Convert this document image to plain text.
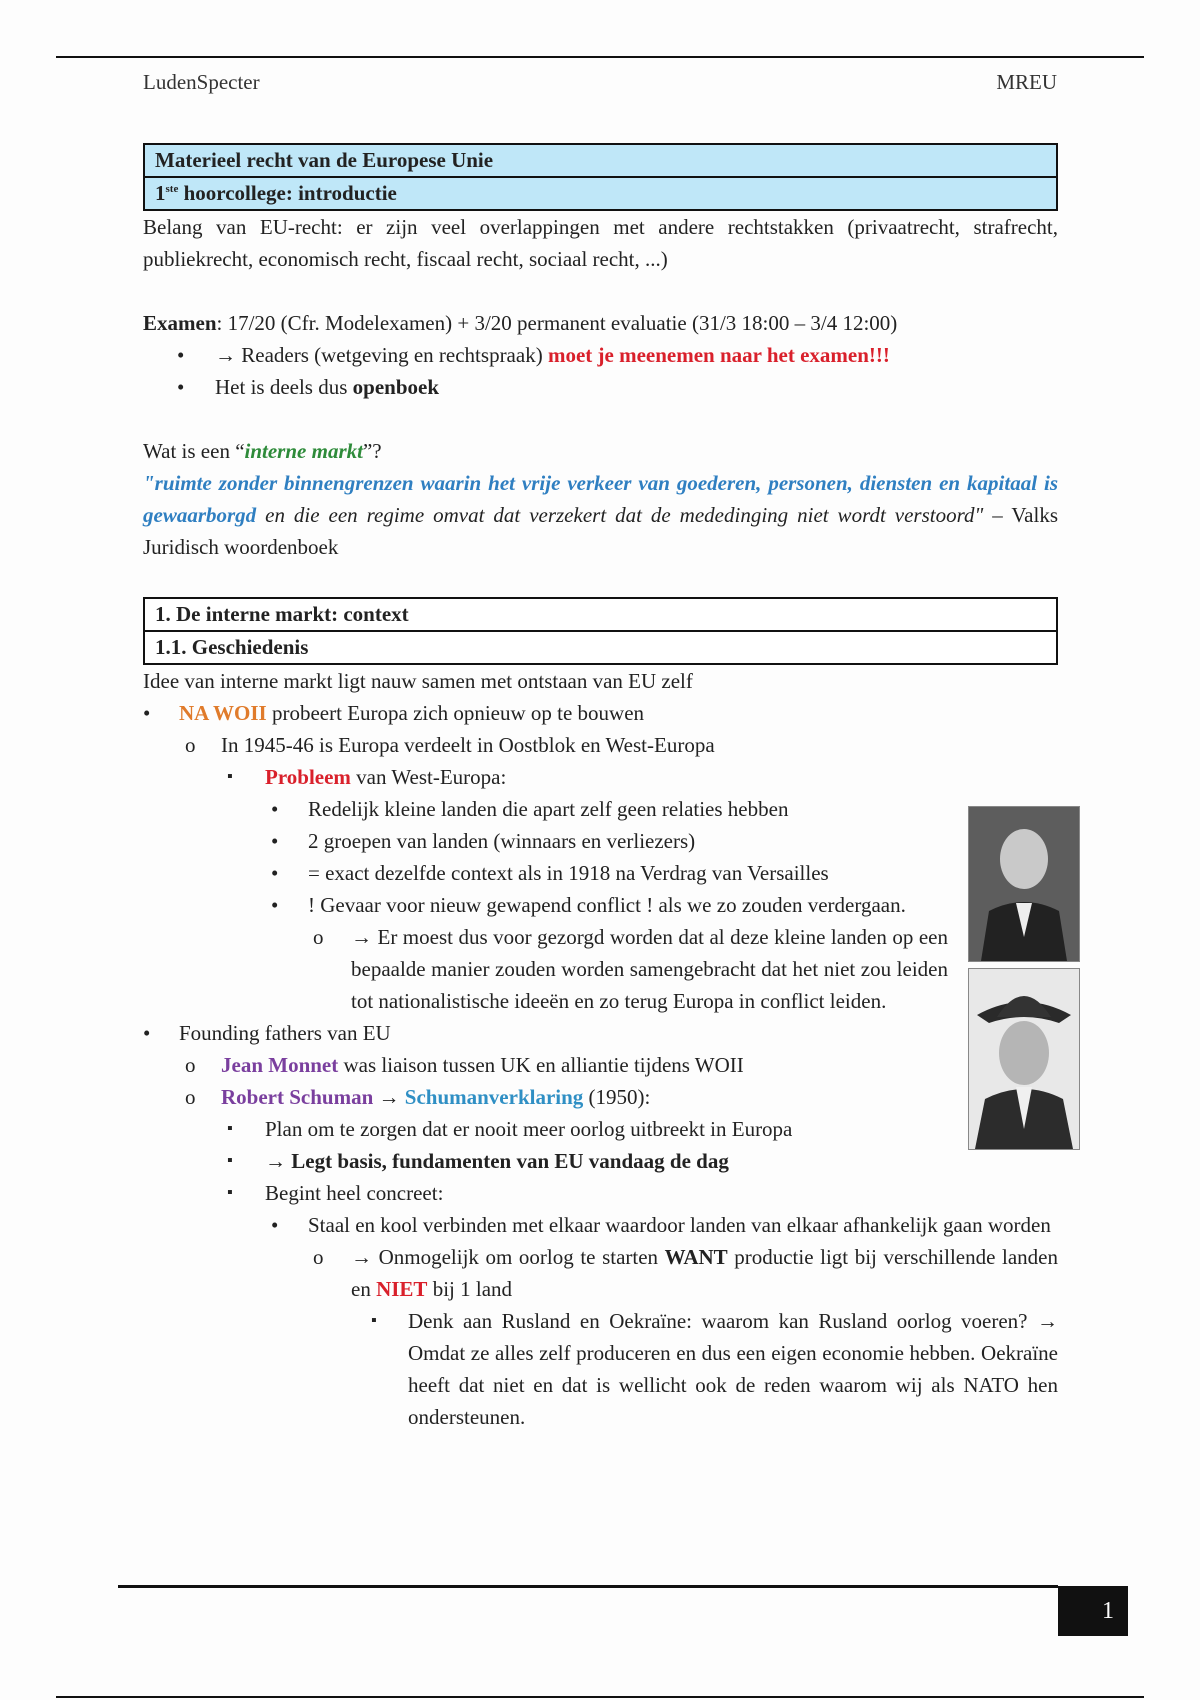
LudenSpecter	MREU
Materieel recht van de Europese Unie
1ste hoorcollege: introductie

Belang van EU-recht: er zijn veel overlappingen met andere rechtstakken (privaatrecht, strafrecht, publiekrecht, economisch recht, fiscaal recht, sociaal recht, ...)

Examen: 17/20 (Cfr. Modelexamen) + 3/20 permanent evaluatie (31/3 18:00 – 3/4 12:00)

• → Readers (wetgeving en rechtspraak) moet je meenemen naar het examen!!!
• Het is deels dus openboek

Wat is een “interne markt”?

"ruimte zonder binnengrenzen waarin het vrije verkeer van goederen, personen, diensten en kapitaal is gewaarborgd en die een regime omvat dat verzekert dat de mededinging niet wordt verstoord" – Valks Juridisch woordenboek

1. De interne markt: context
1.1. Geschiedenis

Idee van interne markt ligt nauw samen met ontstaan van EU zelf

• NA WOII probeert Europa zich opnieuw op te bouwen
o In 1945-46 is Europa verdeelt in Oostblok en West-Europa
▪ Probleem van West-Europa:
• Redelijk kleine landen die apart zelf geen relaties hebben
• 2 groepen van landen (winnaars en verliezers)
• = exact dezelfde context als in 1918 na Verdrag van Versailles
• ! Gevaar voor nieuw gewapend conflict ! als we zo zouden verdergaan.
o → Er moest dus voor gezorgd worden dat al deze kleine landen op een bepaalde manier zouden worden samengebracht dat het niet zou leiden tot nationalistische ideeën en zo terug Europa in conflict leiden.
• Founding fathers van EU
o Jean Monnet was liaison tussen UK en alliantie tijdens WOII
o Robert Schuman → Schumanverklaring (1950):
▪ Plan om te zorgen dat er nooit meer oorlog uitbreekt in Europa
▪ → Legt basis, fundamenten van EU vandaag de dag
▪ Begint heel concreet:
• Staal en kool verbinden met elkaar waardoor landen van elkaar afhankelijk gaan worden
o → Onmogelijk om oorlog te starten WANT productie ligt bij verschillende landen en NIET bij 1 land
▪ Denk aan Rusland en Oekraïne: waarom kan Rusland oorlog voeren? → Omdat ze alles zelf produceren en dus een eigen economie hebben. Oekraïne heeft dat niet en dat is wellicht ook de reden waarom wij als NATO hen ondersteunen.
1
